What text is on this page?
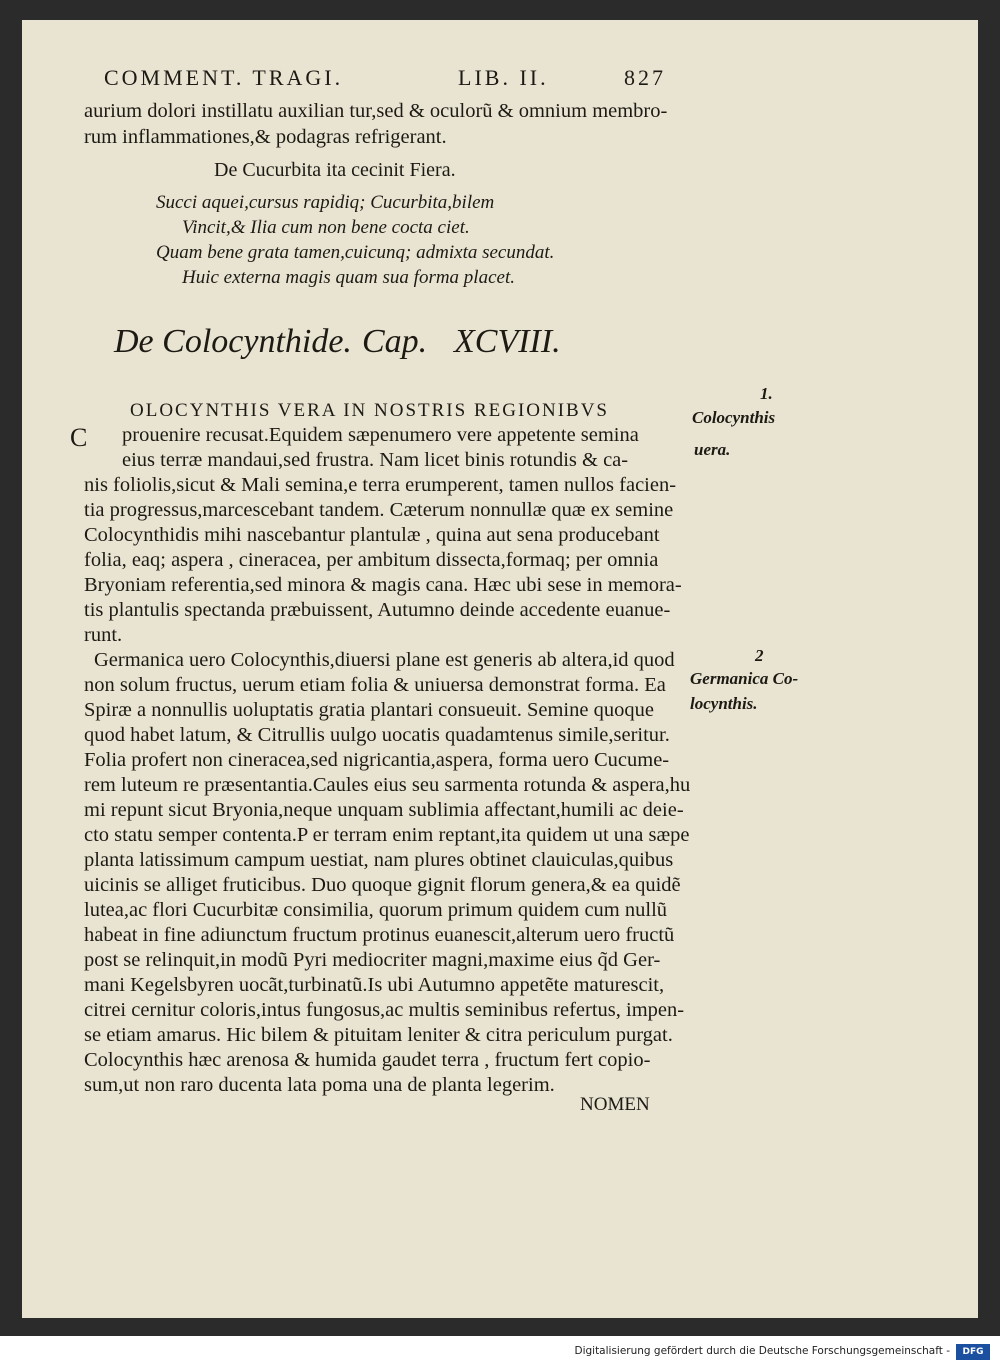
COMMENT. TRAGI.	LIB. II.	827
aurium dolori instillatu auxilian tur,sed & oculorũ & omnium membro-
rum inflammationes,& podagras refrigerant.
De Cucurbita ita cecinit Fiera.
Succi aquei,cursus rapidiq; Cucurbita,bilem
Vincit,& Ilia cum non bene cocta ciet.
Quam bene grata tamen,cuicunq; admixta secundat.
Huic externa magis quam sua forma placet.
De Colocynthide. Cap. XCVIII.
C
OLOCYNTHIS VERA IN NOSTRIS REGIONIBVS
prouenire recusat.Equidem sæpenumero vere appetente semina
eius terræ mandaui,sed frustra. Nam licet binis rotundis & ca-
nis foliolis,sicut & Mali semina,e terra erumperent, tamen nullos facien-
tia progressus,marcescebant tandem. Cæterum nonnullæ quæ ex semine
Colocynthidis mihi nascebantur plantulæ , quina aut sena producebant
folia, eaq; aspera , cineracea, per ambitum dissecta,formaq; per omnia
Bryoniam referentia,sed minora & magis cana. Hæc ubi sese in memora-
tis plantulis spectanda præbuissent, Autumno deinde accedente euanue-
runt.
Germanica uero Colocynthis,diuersi plane est generis ab altera,id quod
non solum fructus, uerum etiam folia & uniuersa demonstrat forma. Ea
Spiræ a nonnullis uoluptatis gratia plantari consueuit. Semine quoque
quod habet latum, & Citrullis uulgo uocatis quadamtenus simile,seritur.
Folia profert non cineracea,sed nigricantia,aspera, forma uero Cucume-
rem luteum re præsentantia.Caules eius seu sarmenta rotunda & aspera,hu
mi repunt sicut Bryonia,neque unquam sublimia affectant,humili ac deie-
cto statu semper contenta.P er terram enim reptant,ita quidem ut una sæpe
planta latissimum campum uestiat, nam plures obtinet clauiculas,quibus
uicinis se alliget fruticibus. Duo quoque gignit florum genera,& ea quidẽ
lutea,ac flori Cucurbitæ consimilia, quorum primum quidem cum nullũ
habeat in fine adiunctum fructum protinus euanescit,alterum uero fructũ
post se relinquit,in modũ Pyri mediocriter magni,maxime eius q̃d Ger-
mani Kegelsbyren uocãt,turbinatũ.Is ubi Autumno appetẽte maturescit,
citrei cernitur coloris,intus fungosus,ac multis seminibus refertus, impen-
se etiam amarus. Hic bilem & pituitam leniter & citra periculum purgat.
Colocynthis hæc arenosa & humida gaudet terra , fructum fert copio-
sum,ut non raro ducenta lata poma una de planta legerim.
NOMEN
1.
Colocynthis
uera.
2
Germanica Co-
locynthis.
Digitalisierung gefördert durch die Deutsche Forschungsgemeinschaft -	DFG
